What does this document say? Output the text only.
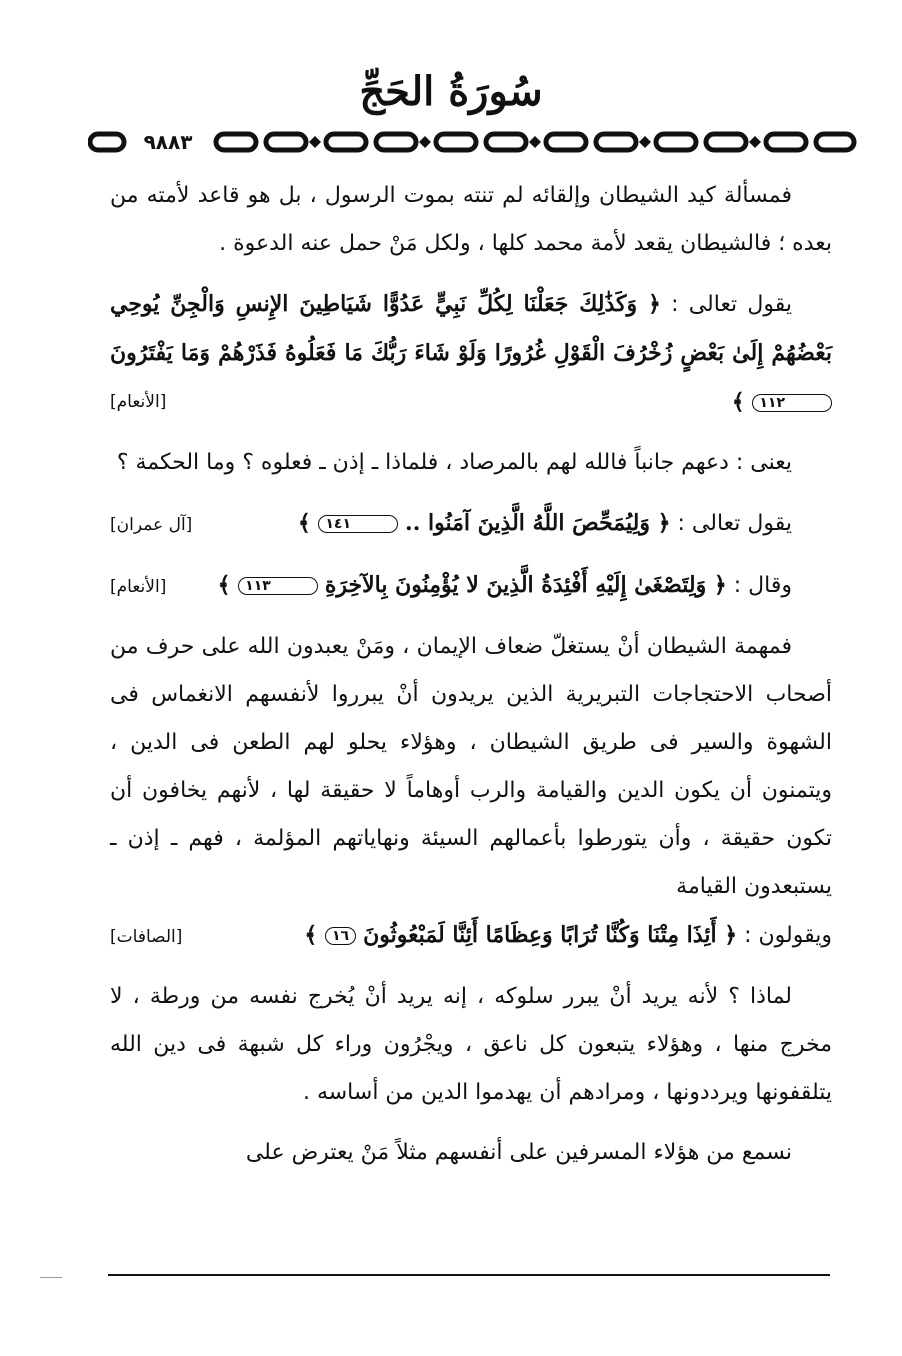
سُورَةُ الحَجِّ
٩٨٨٣
فمسألة كيد الشيطان وإلقائه لم تنته بموت الرسول ، بل هو قاعد لأمته من بعده ؛ فالشيطان يقعد لأمة محمد كلها ، ولكل مَنْ حمل عنه الدعوة .
يقول تعالى : ﴿ وَكَذَٰلِكَ جَعَلْنَا لِكُلِّ نَبِيٍّ عَدُوًّا شَيَاطِينَ الإِنسِ وَالْجِنِّ يُوحِي بَعْضُهُمْ إِلَىٰ بَعْضٍ زُخْرُفَ الْقَوْلِ غُرُورًا وَلَوْ شَاءَ رَبُّكَ مَا فَعَلُوهُ فَذَرْهُمْ وَمَا يَفْتَرُونَ ١١٢ ﴾
[الأنعام]
يعنى : دعهم جانباً فالله لهم بالمرصاد ، فلماذا ـ إذن ـ فعلوه ؟ وما الحكمة ؟
يقول تعالى : ﴿ وَلِيُمَحِّصَ اللَّهُ الَّذِينَ آمَنُوا .. ١٤١ ﴾
[آل عمران]
وقال : ﴿ وَلِتَصْغَىٰ إِلَيْهِ أَفْئِدَةُ الَّذِينَ لا يُؤْمِنُونَ بِالآخِرَةِ ١١٣ ﴾
[الأنعام]
فمهمة الشيطان أنْ يستغلّ ضعاف الإيمان ، ومَنْ يعبدون الله على حرف من أصحاب الاحتجاجات التبريرية الذين يريدون أنْ يبرروا لأنفسهم الانغماس فى الشهوة والسير فى طريق الشيطان ، وهؤلاء يحلو لهم الطعن فى الدين ، ويتمنون أن يكون الدين والقيامة والرب أوهاماً لا حقيقة لها ، لأنهم يخافون أن تكون حقيقة ، وأن يتورطوا بأعمالهم السيئة ونهاياتهم المؤلمة ، فهم ـ إذن ـ يستبعدون القيامة
ويقولون : ﴿ أَئِذَا مِتْنَا وَكُنَّا تُرَابًا وَعِظَامًا أَئِنَّا لَمَبْعُوثُونَ ١٦ ﴾
[الصافات]
لماذا ؟ لأنه يريد أنْ يبرر سلوكه ، إنه يريد أنْ يُخرج نفسه من ورطة ، لا مخرج منها ، وهؤلاء يتبعون كل ناعق ، ويجْرُون وراء كل شبهة فى دين الله يتلقفونها ويرددونها ، ومرادهم أن يهدموا الدين من أساسه .
نسمع من هؤلاء المسرفين على أنفسهم مثلاً مَنْ يعترض على
